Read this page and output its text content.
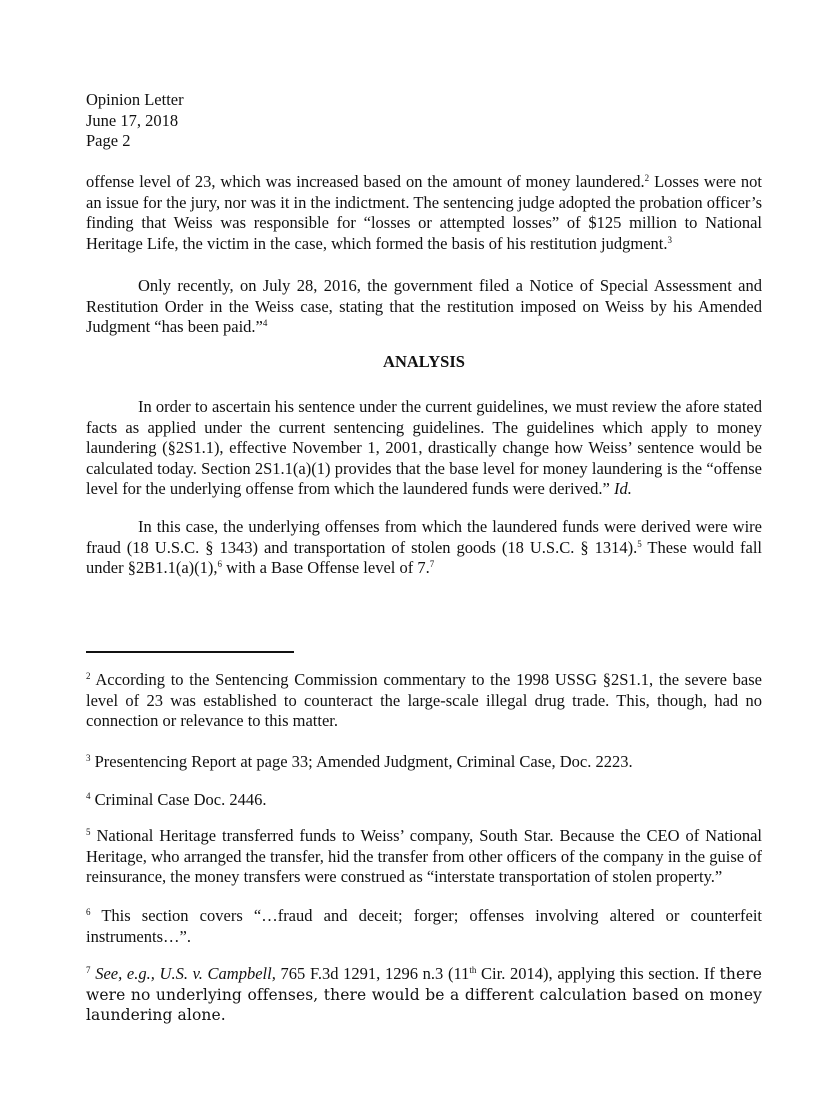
Opinion Letter
June 17, 2018
Page 2

offense level of 23, which was increased based on the amount of money laundered.$^2$ Losses were not an issue for the jury, nor was it in the indictment. The sentencing judge adopted the probation officer’s finding that Weiss was responsible for “losses or attempted losses” of $125 million to National Heritage Life, the victim in the case, which formed the basis of his restitution judgment.$^3$

Only recently, on July 28, 2016, the government filed a Notice of Special Assessment and Restitution Order in the Weiss case, stating that the restitution imposed on Weiss by his Amended Judgment “has been paid.”$^4$

ANALYSIS

In order to ascertain his sentence under the current guidelines, we must review the afore stated facts as applied under the current sentencing guidelines. The guidelines which apply to money laundering (§2S1.1), effective November 1, 2001, drastically change how Weiss’ sentence would be calculated today. Section 2S1.1(a)(1) provides that the base level for money laundering is the “offense level for the underlying offense from which the laundered funds were derived.” Id.

In this case, the underlying offenses from which the laundered funds were derived were wire fraud (18 U.S.C. § 1343) and transportation of stolen goods (18 U.S.C. § 1314).$^5$ These would fall under §2B1.1(a)(1),$^6$ with a Base Offense level of 7.$^7$

$^2$ According to the Sentencing Commission commentary to the 1998 USSG §2S1.1, the severe base level of 23 was established to counteract the large-scale illegal drug trade. This, though, had no connection or relevance to this matter.

$^3$ Presentencing Report at page 33; Amended Judgment, Criminal Case, Doc. 2223.

$^4$ Criminal Case Doc. 2446.

$^5$ National Heritage transferred funds to Weiss’ company, South Star. Because the CEO of National Heritage, who arranged the transfer, hid the transfer from other officers of the company in the guise of reinsurance, the money transfers were construed as “interstate transportation of stolen property.”

$^6$ This section covers “…fraud and deceit; forger; offenses involving altered or counterfeit instruments…”.

$^7$ See, e.g., U.S. v. Campbell, 765 F.3d 1291, 1296 n.3 (11th Cir. 2014), applying this section. If there were no underlying offenses, there would be a different calculation based on money laundering alone.
